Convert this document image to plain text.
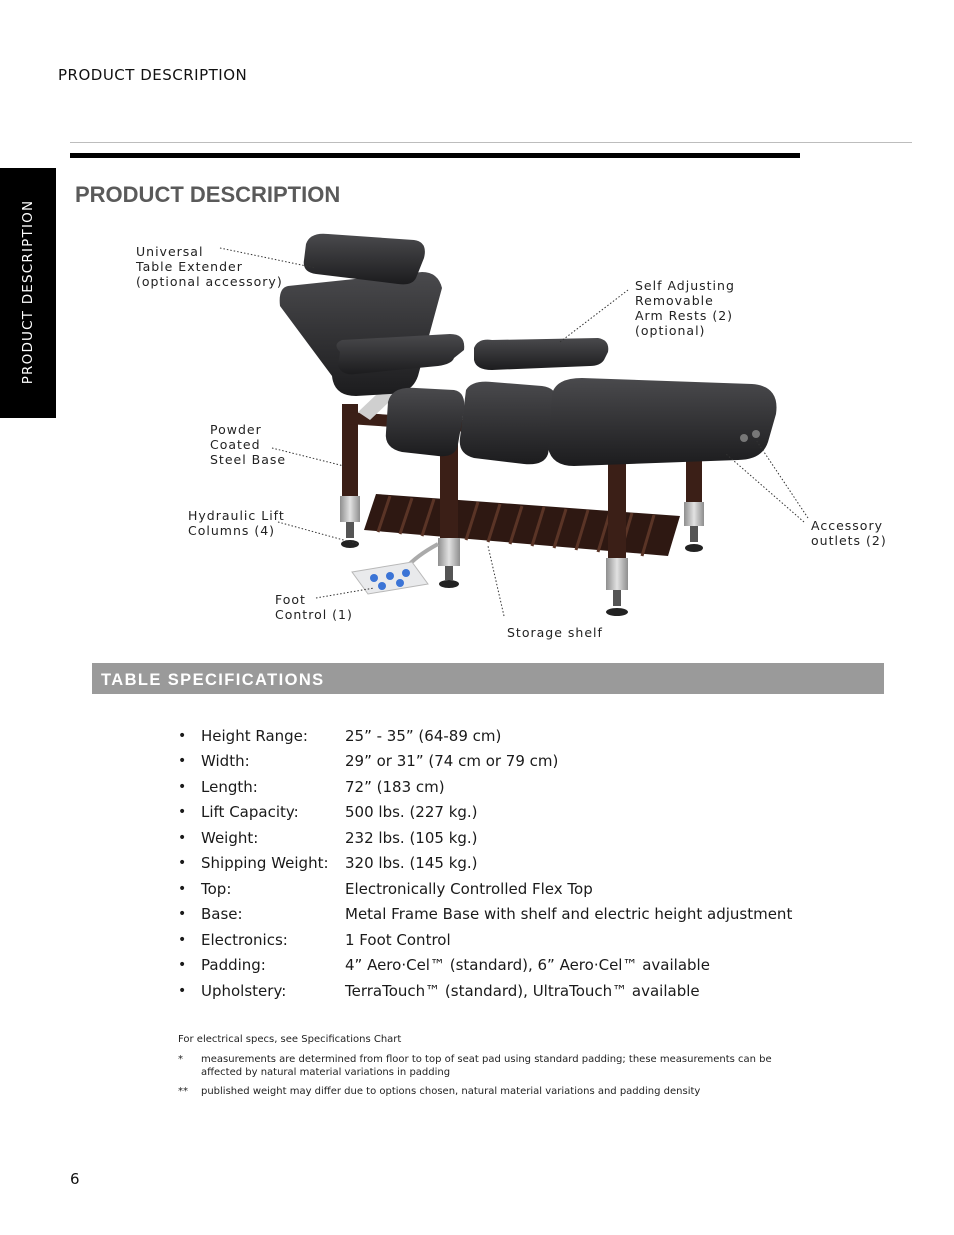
PRODUCT DESCRIPTION
PRODUCT DESCRIPTION
PRODUCT DESCRIPTION
Universal
Table Extender
(optional accessory)	Self Adjusting
Removable
Arm Rests (2)
(optional)
Powder
Coated
Steel Base
Hydraulic Lift
Columns (4)
Foot
Control (1)
Storage shelf
Accessory
outlets (2)
TABLE SPECIFICATIONS
• Height Range:	25” - 35” (64-89 cm)
• Width:	29” or 31” (74 cm or 79 cm)
• Length:	72” (183 cm)
• Lift Capacity:	500 lbs. (227 kg.)
• Weight:	232 lbs. (105 kg.)
• Shipping Weight:	320 lbs. (145 kg.)
• Top:	Electronically Controlled Flex Top
• Base:	Metal Frame Base with shelf and electric height adjustment
• Electronics:	1 Foot Control
• Padding:	4” Aero·Cel™ (standard), 6” Aero·Cel™ available
• Upholstery:	TerraTouch™ (standard), UltraTouch™ available
For electrical specs, see Specifications Chart
*	measurements are determined from floor to top of seat pad using standard padding; these measurements can be affected by natural material variations in padding
**	published weight may differ due to options chosen, natural material variations and padding density
6
